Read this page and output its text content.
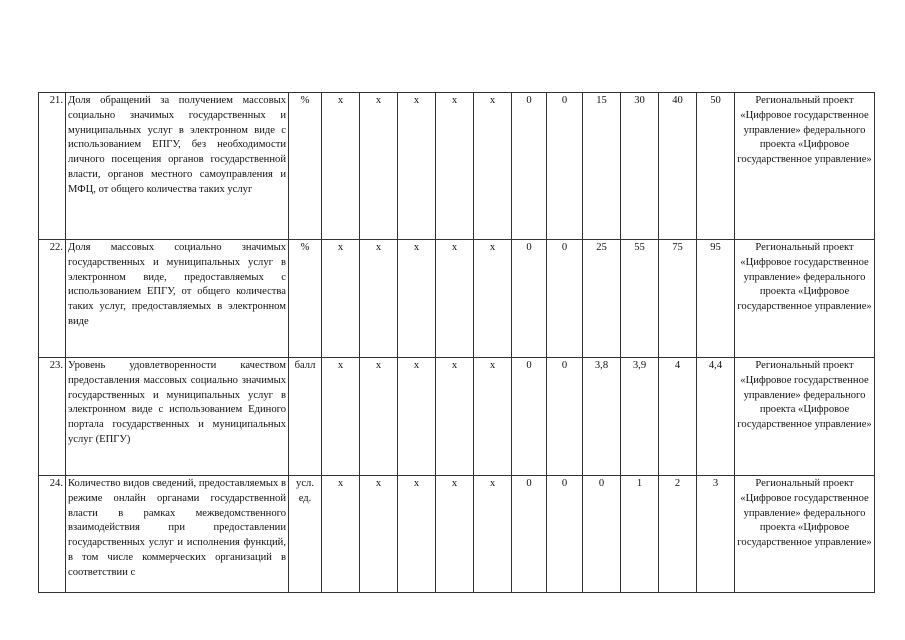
21.	Доля обращений за получением массовых социально значимых государственных и муниципальных услуг в электронном виде с использованием ЕПГУ, без необходимости личного посещения органов государственной власти, органов местного самоуправления и МФЦ, от общего количества таких услуг	%	х	х	х	х	х	0	0	15	30	40	50	Региональный проект «Цифровое государственное управление» федерального проекта «Цифровое государственное управление»
22.	Доля массовых социально значимых государственных и муниципальных услуг в электронном виде, предоставляемых с использованием ЕПГУ, от общего количества таких услуг, предоставляемых в электронном виде	%	х	х	х	х	х	0	0	25	55	75	95	Региональный проект «Цифровое государственное управление» федерального проекта «Цифровое государственное управление»
23.	Уровень удовлетворенности качеством предоставления массовых социально значимых государственных и муниципальных услуг в электронном виде с использованием Единого портала государственных и муниципальных услуг (ЕПГУ)	балл	х	х	х	х	х	0	0	3,8	3,9	4	4,4	Региональный проект «Цифровое государственное управление» федерального проекта «Цифровое государственное управление»
24.	Количество видов сведений, предоставляемых в режиме онлайн органами государственной власти в рамках межведомственного взаимодействия при предоставлении государственных услуг и исполнения функций, в том числе коммерческих организаций в соответствии с	усл. ед.	х	х	х	х	х	0	0	0	1	2	3	Региональный проект «Цифровое государственное управление» федерального проекта «Цифровое государственное управление»
